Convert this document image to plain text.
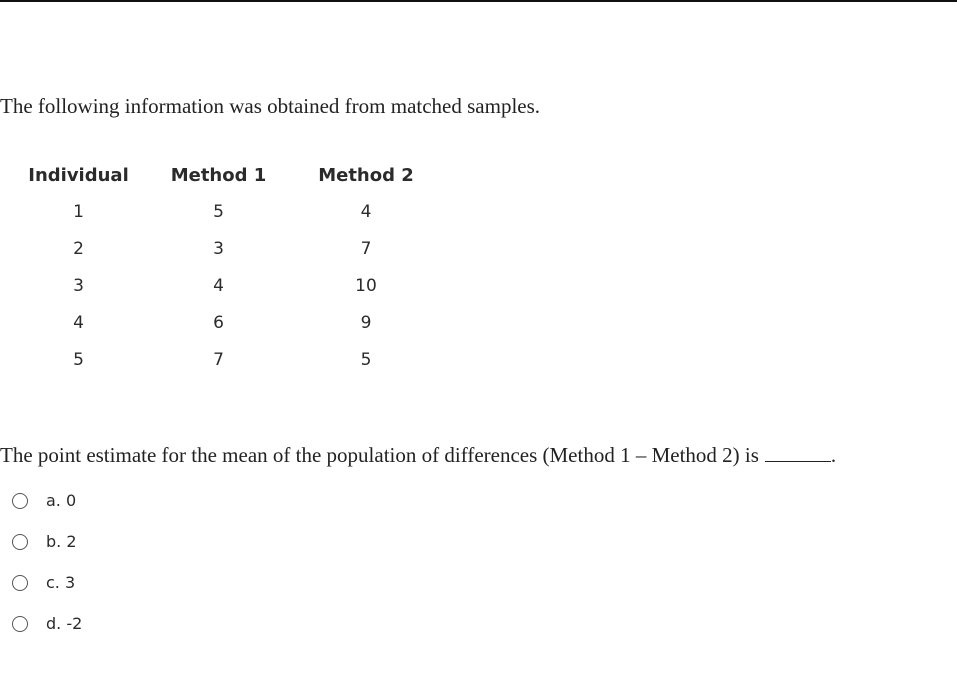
The following information was obtained from matched samples.
Individual	Method 1	Method 2
1	5	4
2	3	7
3	4	10
4	6	9
5	7	5
The point estimate for the mean of the population of differences (Method 1 – Method 2) is	.
a. 0
b. 2
c. 3
d. -2
